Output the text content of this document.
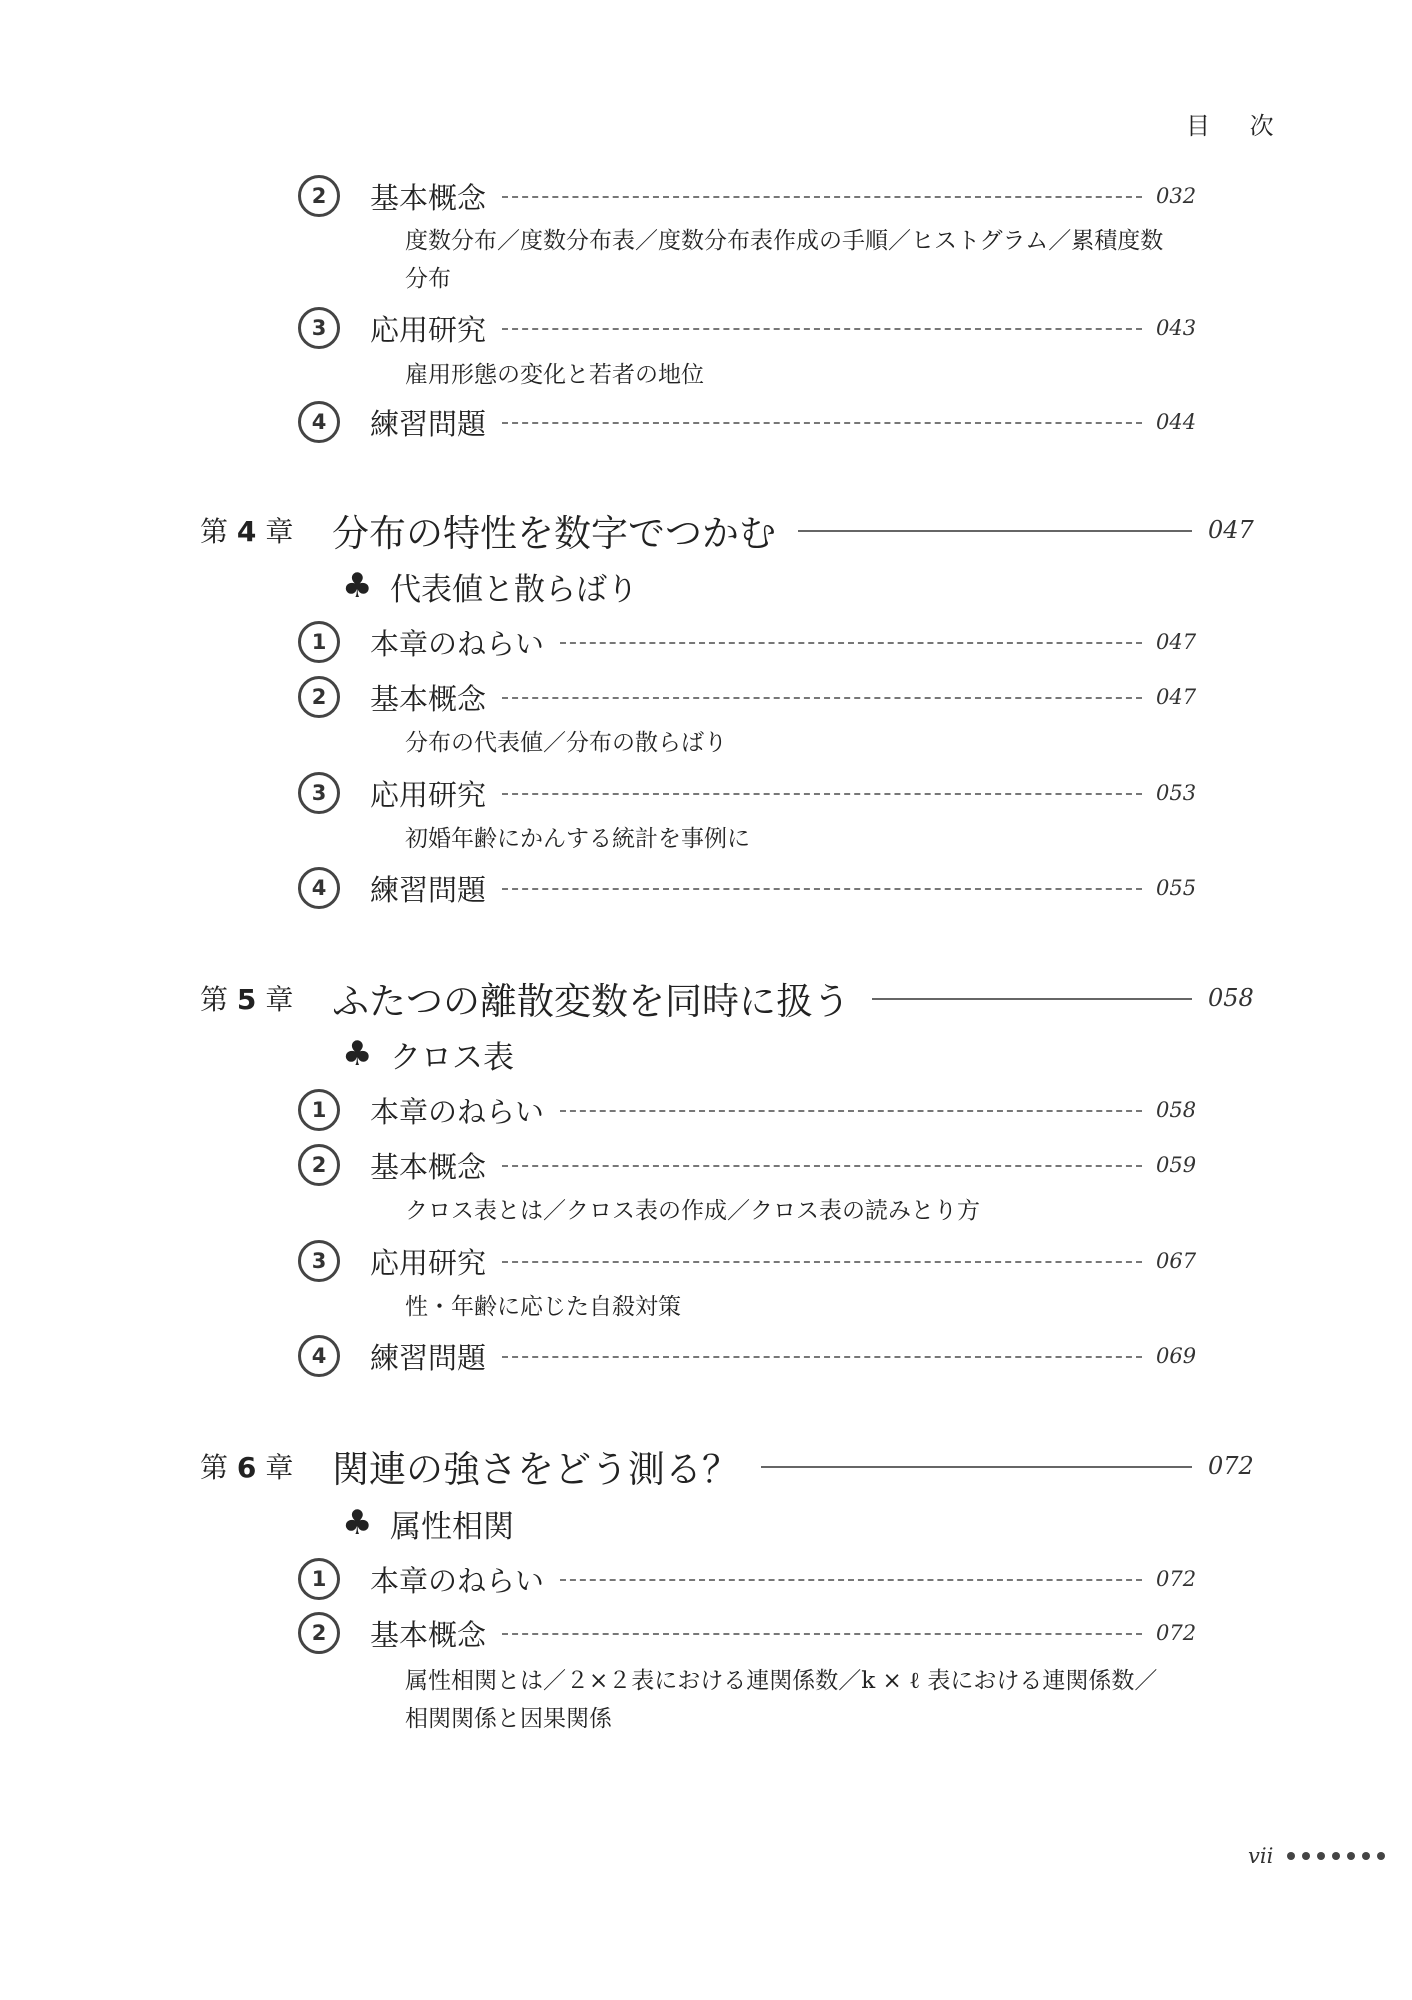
目 次
2	基本概念	032

度数分布／度数分布表／度数分布表作成の手順／ヒストグラム／累積度数分布

3	応用研究	043

雇用形態の変化と若者の地位

4	練習問題	044
第 4 章	分布の特性を数字でつかむ	047
♣ 代表値と散らばり
1	本章のねらい	047
2	基本概念	047

分布の代表値／分布の散らばり

3	応用研究	053

初婚年齢にかんする統計を事例に

4	練習問題	055
第 5 章	ふたつの離散変数を同時に扱う	058
♣ クロス表
1	本章のねらい	058
2	基本概念	059

クロス表とは／クロス表の作成／クロス表の読みとり方

3	応用研究	067

性・年齢に応じた自殺対策

4	練習問題	069
第 6 章	関連の強さをどう測る？	072
♣ 属性相関
1	本章のねらい	072
2	基本概念	072

属性相関とは／２×２表における連関係数／k × ℓ 表における連関係数／相関関係と因果関係

vii
